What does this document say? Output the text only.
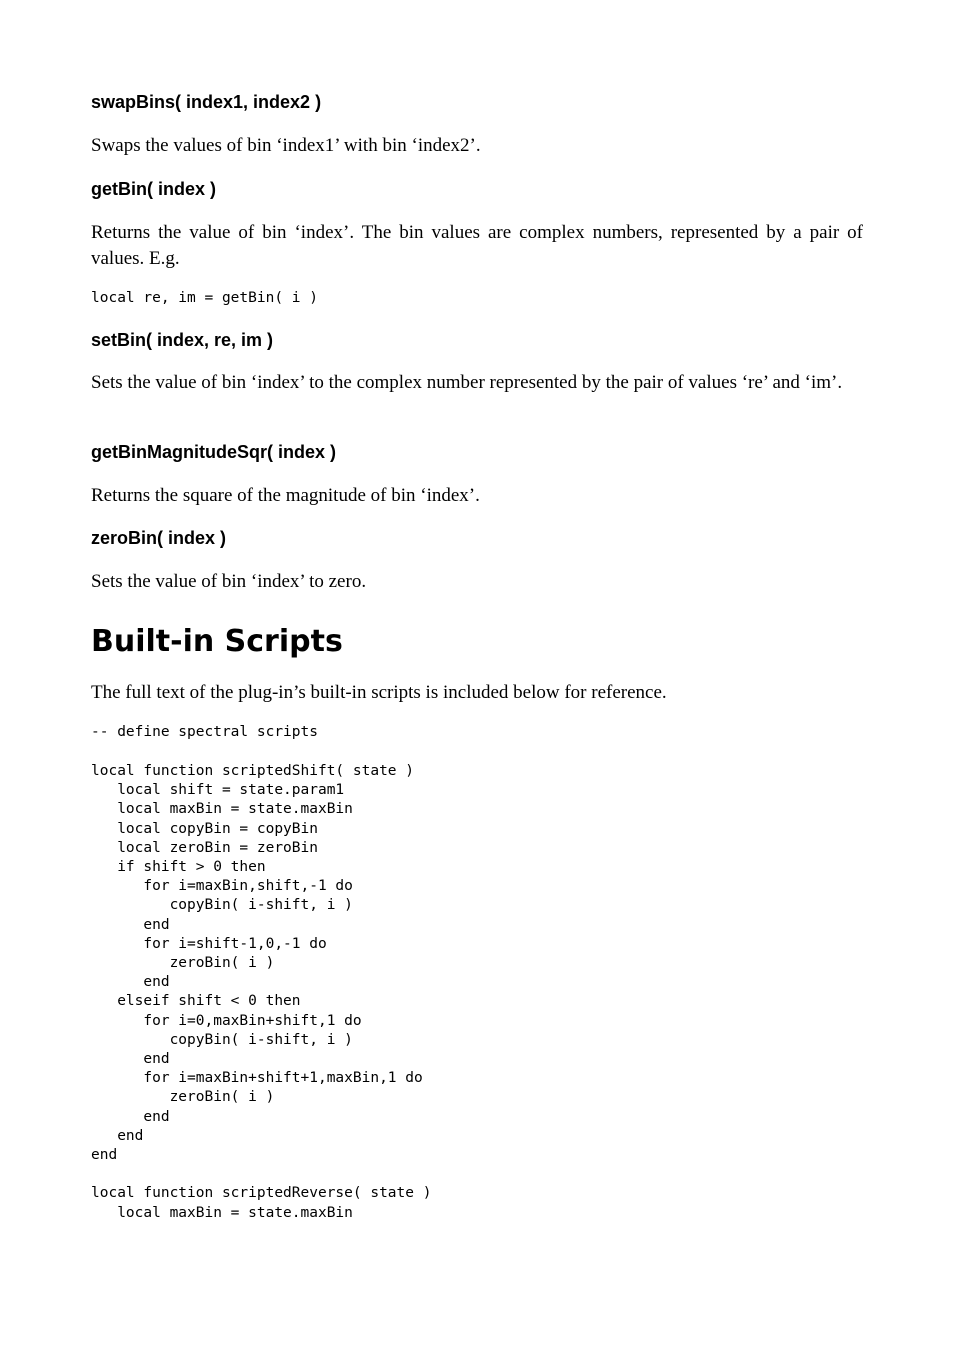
swapBins( index1, index2 )

Swaps the values of bin ‘index1’ with bin ‘index2’.

getBin( index )

Returns the value of bin ‘index’. The bin values are complex numbers, represented by a pair of values. E.g.

local re, im = getBin( i )
setBin( index, re, im )

Sets the value of bin ‘index’ to the complex number represented by the pair of values ‘re’ and ‘im’.

getBinMagnitudeSqr( index )

Returns the square of the magnitude of bin ‘index’.

zeroBin( index )

Sets the value of bin ‘index’ to zero.

Built-in Scripts

The full text of the plug-in’s built-in scripts is included below for reference.

-- define spectral scripts
local function scriptedShift( state )
local shift = state.param1
local maxBin = state.maxBin
local copyBin = copyBin
local zeroBin = zeroBin
if shift > 0 then
for i=maxBin,shift,-1 do
copyBin( i-shift, i )
end
for i=shift-1,0,-1 do
zeroBin( i )
end
elseif shift < 0 then
for i=0,maxBin+shift,1 do
copyBin( i-shift, i )
end
for i=maxBin+shift+1,maxBin,1 do
zeroBin( i )
end
end
end

local function scriptedReverse( state )
local maxBin = state.maxBin
